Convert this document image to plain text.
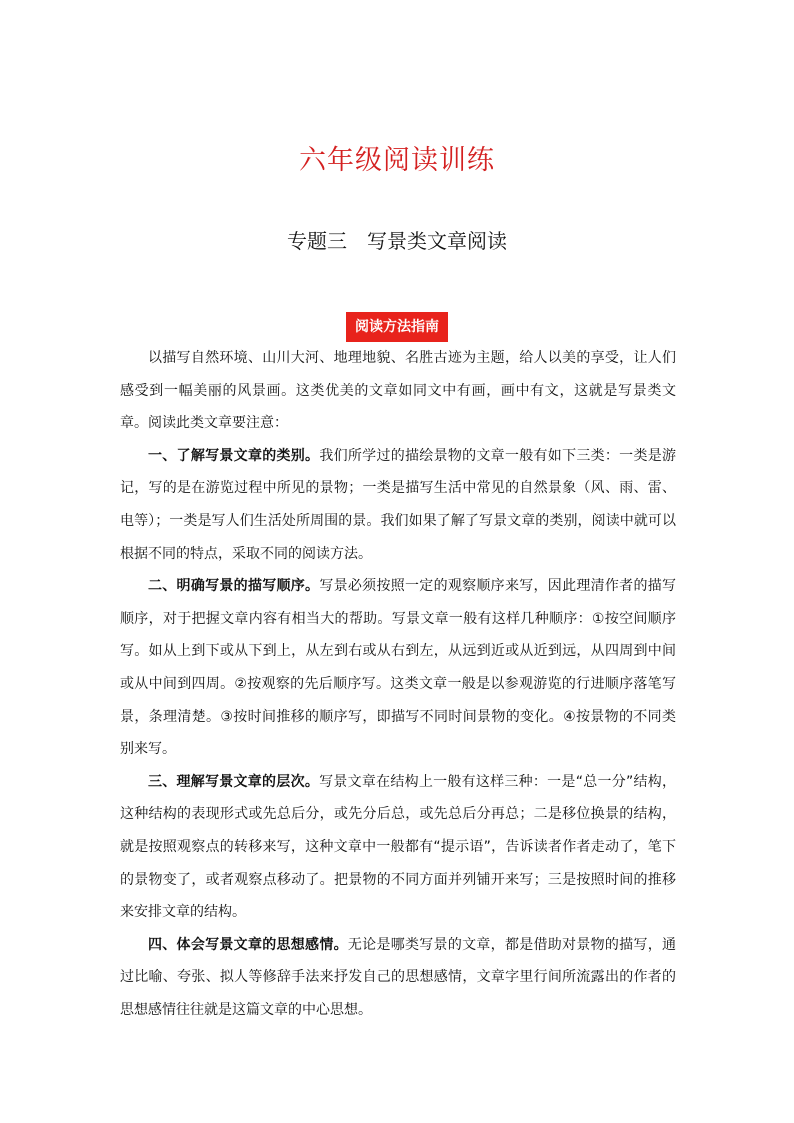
六年级阅读训练
专题三　写景类文章阅读
阅读方法指南

以描写自然环境、山川大河、地理地貌、名胜古迹为主题，给人以美的享受，让人们感受到一幅美丽的风景画。这类优美的文章如同文中有画，画中有文，这就是写景类文章。阅读此类文章要注意：

一、了解写景文章的类别。我们所学过的描绘景物的文章一般有如下三类：一类是游记，写的是在游览过程中所见的景物；一类是描写生活中常见的自然景象（风、雨、雷、电等）；一类是写人们生活处所周围的景。我们如果了解了写景文章的类别，阅读中就可以根据不同的特点，采取不同的阅读方法。

二、明确写景的描写顺序。写景必须按照一定的观察顺序来写，因此理清作者的描写顺序，对于把握文章内容有相当大的帮助。写景文章一般有这样几种顺序：①按空间顺序写。如从上到下或从下到上，从左到右或从右到左，从远到近或从近到远，从四周到中间或从中间到四周。②按观察的先后顺序写。这类文章一般是以参观游览的行进顺序落笔写景，条理清楚。③按时间推移的顺序写，即描写不同时间景物的变化。④按景物的不同类别来写。

三、理解写景文章的层次。写景文章在结构上一般有这样三种：一是“总一分”结构，这种结构的表现形式或先总后分，或先分后总，或先总后分再总；二是移位换景的结构，就是按照观察点的转移来写，这种文章中一般都有“提示语”，告诉读者作者走动了，笔下的景物变了，或者观察点移动了。把景物的不同方面并列铺开来写；三是按照时间的推移来安排文章的结构。

四、体会写景文章的思想感情。无论是哪类写景的文章，都是借助对景物的描写，通过比喻、夸张、拟人等修辞手法来抒发自己的思想感情，文章字里行间所流露出的作者的思想感情往往就是这篇文章的中心思想。
